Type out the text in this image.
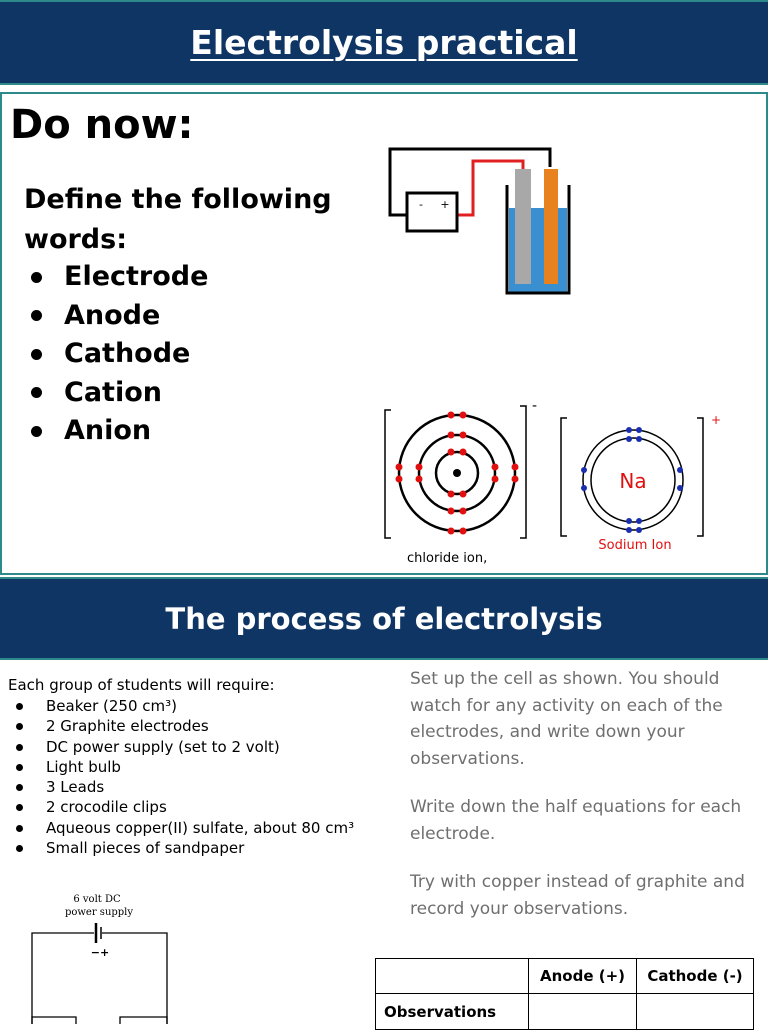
Electrolysis practical
Do now:
Define the following words:
Electrode
Anode
Cathode
Cation
Anion
- +
-
chloride ion,
+
Na
Sodium Ion
The process of electrolysis
Each group of students will require:
Beaker (250 cm³)
2 Graphite electrodes
DC power supply (set to 2 volt)
Light bulb
3 Leads
2 crocodile clips
Aqueous copper(II) sulfate, about 80 cm³
Small pieces of sandpaper

Set up the cell as shown. You should watch for any activity on each of the electrodes, and write down your observations.

Write down the half equations for each electrode.

Try with copper instead of graphite and record your observations.

6 volt DC
power supply
−+
	Anode (+)	Cathode (-)
Observations		
